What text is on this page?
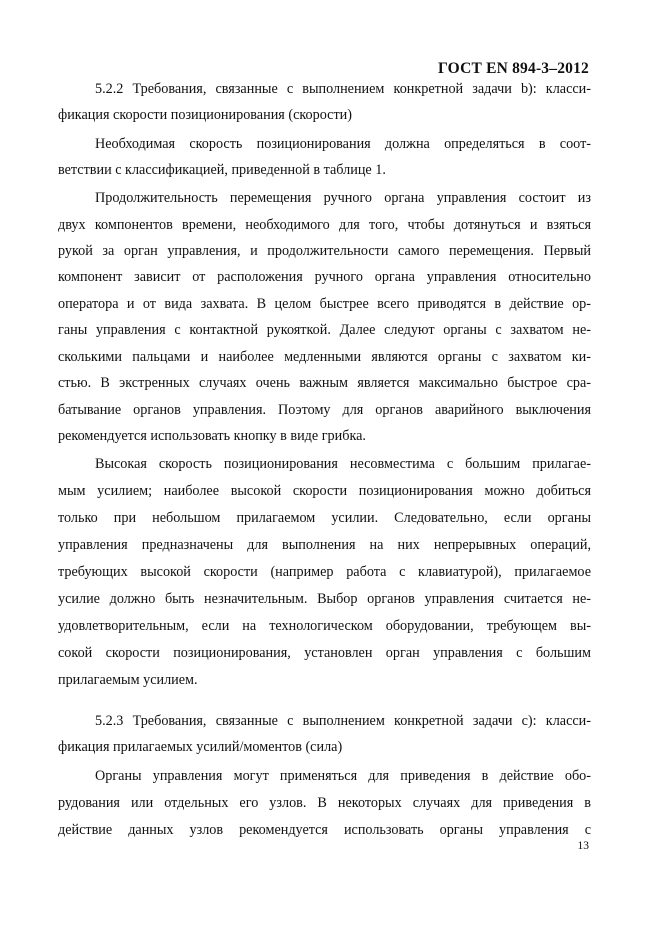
ГОСТ EN 894-3–2012
5.2.2 Требования, связанные с выполнением конкретной задачи b): класси-
фикация скорости позиционирования (скорости)
Необходимая скорость позиционирования должна определяться в соот-
ветствии с классификацией, приведенной в таблице 1.
Продолжительность перемещения ручного органа управления состоит из
двух компонентов времени, необходимого для того, чтобы дотянуться и взяться
рукой за орган управления, и продолжительности самого перемещения. Первый
компонент зависит от расположения ручного органа управления относительно
оператора и от вида захвата. В целом быстрее всего приводятся в действие ор-
ганы управления с контактной рукояткой. Далее следуют органы с захватом не-
сколькими пальцами и наиболее медленными являются органы с захватом ки-
стью. В экстренных случаях очень важным является максимально быстрое сра-
батывание органов управления. Поэтому для органов аварийного выключения
рекомендуется использовать кнопку в виде грибка.
Высокая скорость позиционирования несовместима с большим прилагае-
мым усилием; наиболее высокой скорости позиционирования можно добиться
только при небольшом прилагаемом усилии. Следовательно, если органы
управления предназначены для выполнения на них непрерывных операций,
требующих высокой скорости (например работа с клавиатурой), прилагаемое
усилие должно быть незначительным. Выбор органов управления считается не-
удовлетворительным, если на технологическом оборудовании, требующем вы-
сокой скорости позиционирования, установлен орган управления с большим
прилагаемым усилием.
5.2.3 Требования, связанные с выполнением конкретной задачи c): класси-
фикация прилагаемых усилий/моментов (сила)
Органы управления могут применяться для приведения в действие обо-
рудования или отдельных его узлов. В некоторых случаях для приведения в
действие данных узлов рекомендуется использовать органы управления с
13
